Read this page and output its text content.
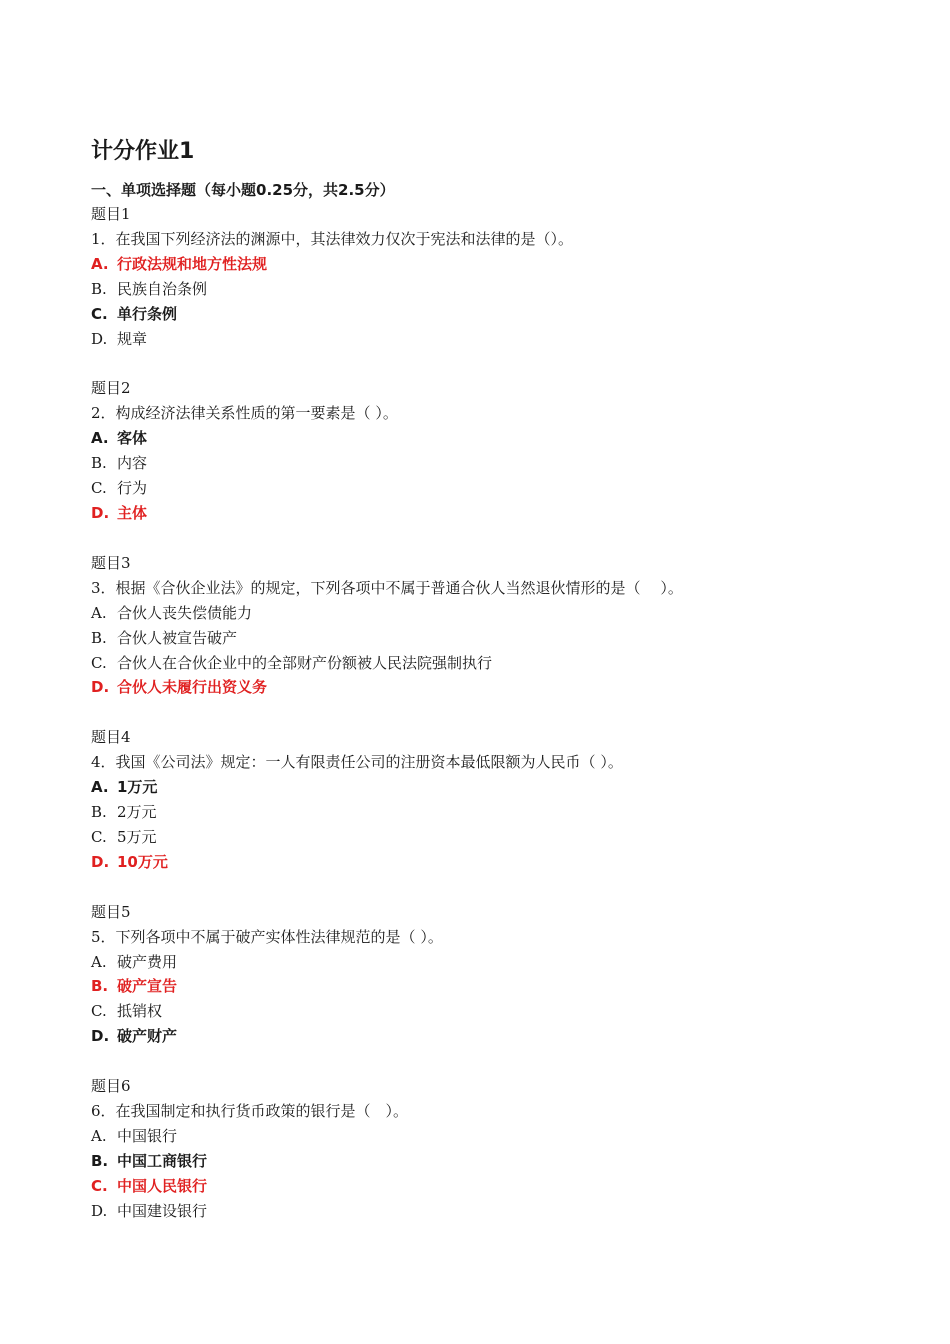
计分作业1
一、单项选择题（每小题0.25分，共2.5分）
题目1
1．在我国下列经济法的渊源中，其法律效力仅次于宪法和法律的是（）。
A. 行政法规和地方性法规
B. 民族自治条例
C. 单行条例
D. 规章
题目2
2．构成经济法律关系性质的第一要素是（ ）。
A. 客体
B. 内容
C. 行为
D. 主体
题目3
3．根据《合伙企业法》的规定，下列各项中不属于普通合伙人当然退伙情形的是（　 ）。
A. 合伙人丧失偿债能力
B. 合伙人被宣告破产
C. 合伙人在合伙企业中的全部财产份额被人民法院强制执行
D. 合伙人未履行出资义务
题目4
4．我国《公司法》规定：一人有限责任公司的注册资本最低限额为人民币（ ）。
A. 1万元
B. 2万元
C. 5万元
D. 10万元
题目5
5．下列各项中不属于破产实体性法律规范的是（ ）。
A. 破产费用
B. 破产宣告
C. 抵销权
D. 破产财产
题目6
6．在我国制定和执行货币政策的银行是（　）。
A. 中国银行
B. 中国工商银行
C. 中国人民银行
D. 中国建设银行
